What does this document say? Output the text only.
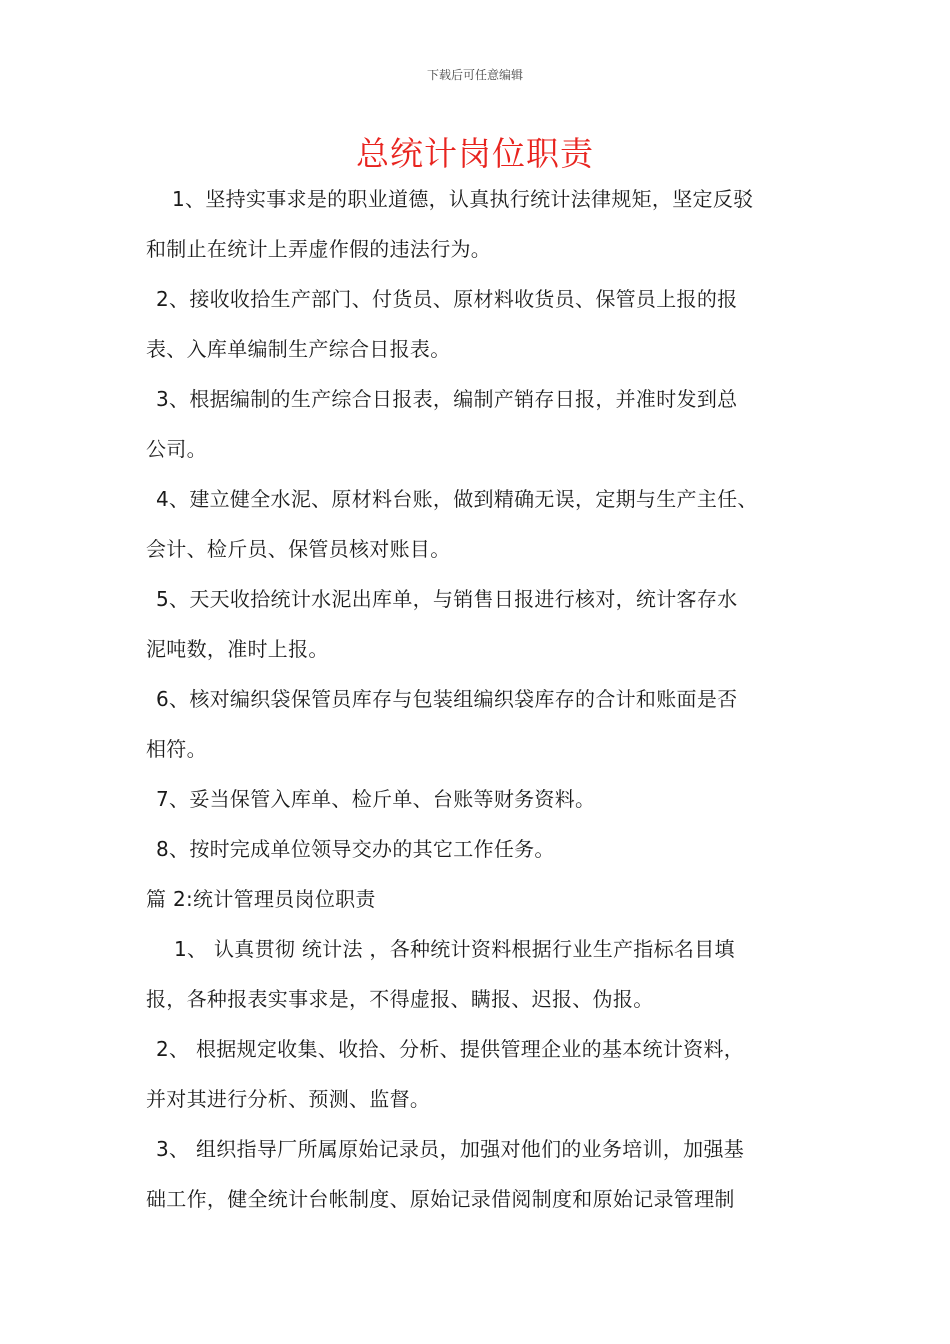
下载后可任意编辑
总统计岗位职责
1、坚持实事求是的职业道德，认真执行统计法律规矩，坚定反驳
和制止在统计上弄虚作假的违法行为。
2、接收收拾生产部门、付货员、原材料收货员、保管员上报的报
表、入库单编制生产综合日报表。
3、根据编制的生产综合日报表，编制产销存日报，并准时发到总
公司。
4、建立健全水泥、原材料台账，做到精确无误，定期与生产主任、
会计、检斤员、保管员核对账目。
5、天天收拾统计水泥出库单，与销售日报进行核对，统计客存水
泥吨数，准时上报。
6、核对编织袋保管员库存与包装组编织袋库存的合计和账面是否
相符。
7、妥当保管入库单、检斤单、台账等财务资料。
8、按时完成单位领导交办的其它工作任务。
篇 2:统计管理员岗位职责
1、 认真贯彻 统计法 ，各种统计资料根据行业生产指标名目填
报，各种报表实事求是，不得虚报、瞒报、迟报、伪报。
2、 根据规定收集、收拾、分析、提供管理企业的基本统计资料，
并对其进行分析、预测、监督。
3、 组织指导厂所属原始记录员，加强对他们的业务培训，加强基
础工作，健全统计台帐制度、原始记录借阅制度和原始记录管理制
